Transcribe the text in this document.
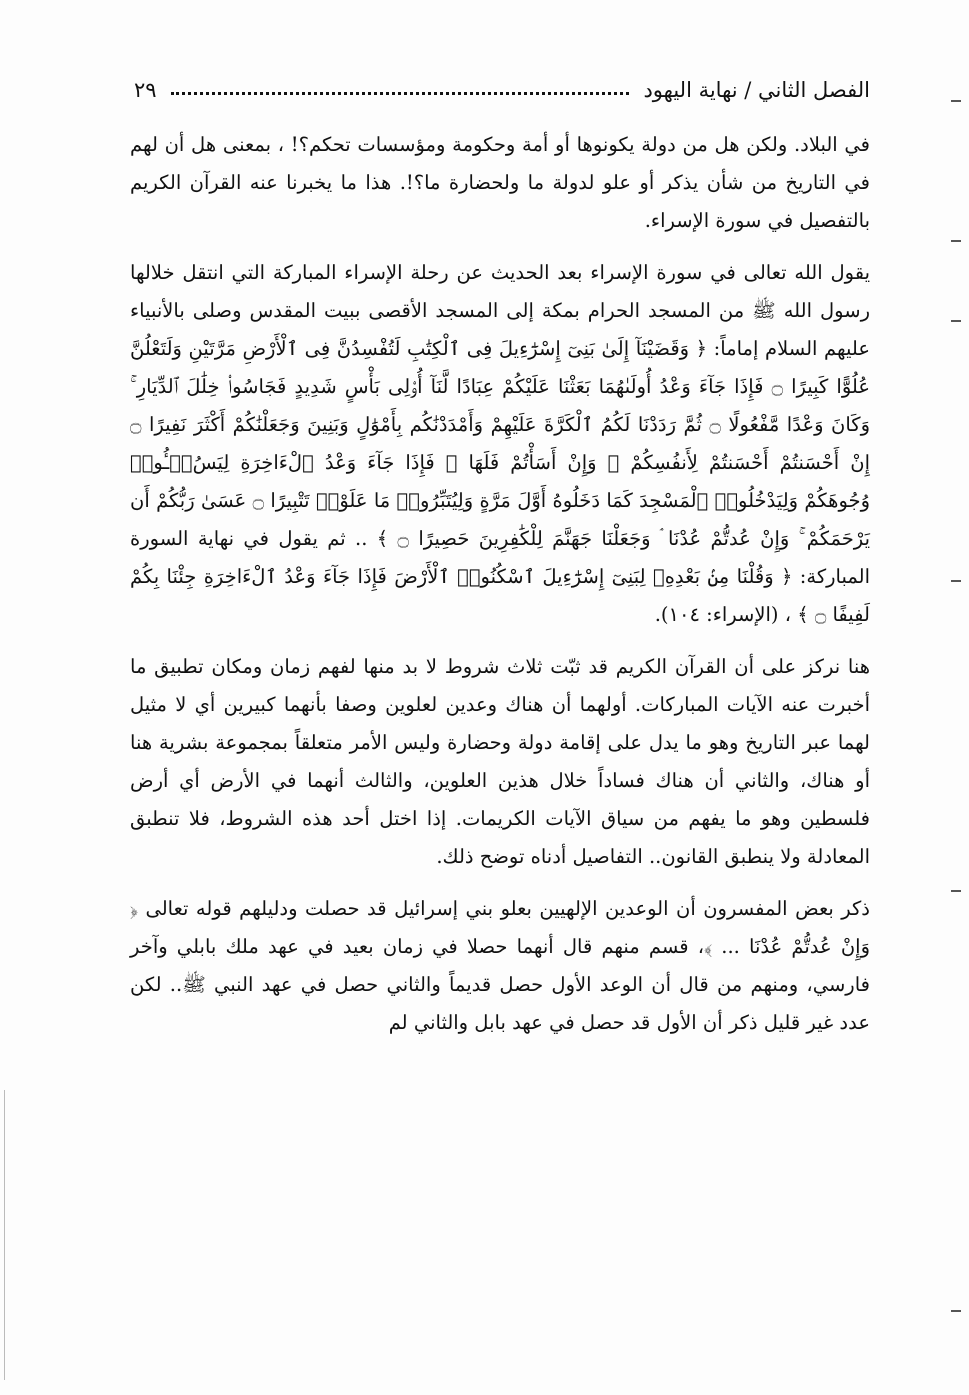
الفصل الثاني / نهاية اليهود
٢٩

في البلاد. ولكن هل من دولة يكونوها أو أمة وحكومة ومؤسسات تحكم؟! ، بمعنى هل أن لهم في التاريخ من شأن يذكر أو علو لدولة ما ولحضارة ما؟!. هذا ما يخبرنا عنه القرآن الكريم بالتفصيل في سورة الإسراء.

يقول الله تعالى في سورة الإسراء بعد الحديث عن رحلة الإسراء المباركة التي انتقل خلالها رسول الله ﷺ من المسجد الحرام بمكة إلى المسجد الأقصى ببيت المقدس وصلى بالأنبياء عليهم السلام إماماً: ﴿ وَقَضَيْنَآ إِلَىٰ بَنِىٓ إِسْرَٰٓءِيلَ فِى ٱلْكِتَٰبِ لَتُفْسِدُنَّ فِى ٱلْأَرْضِ مَرَّتَيْنِ وَلَتَعْلُنَّ عُلُوًّا كَبِيرًا ۝ فَإِذَا جَآءَ وَعْدُ أُولَىٰهُمَا بَعَثْنَا عَلَيْكُمْ عِبَادًا لَّنَآ أُو۟لِى بَأْسٍ شَدِيدٍ فَجَاسُوا۟ خِلَٰلَ ٱلدِّيَارِ ۚ وَكَانَ وَعْدًا مَّفْعُولًا ۝ ثُمَّ رَدَدْنَا لَكُمُ ٱلْكَرَّةَ عَلَيْهِمْ وَأَمْدَدْنَٰكُم بِأَمْوَٰلٍ وَبَنِينَ وَجَعَلْنَٰكُمْ أَكْثَرَ نَفِيرًا ۝ إِنْ أَحْسَنتُمْ أَحْسَنتُمْ لِأَنفُسِكُمْ ۖ وَإِنْ أَسَأْتُمْ فَلَهَا ۚ فَإِذَا جَآءَ وَعْدُ ٱلْءَاخِرَةِ لِيَسُۥٓـُٔوا۟ وُجُوهَكُمْ وَلِيَدْخُلُوا۟ ٱلْمَسْجِدَ كَمَا دَخَلُوهُ أَوَّلَ مَرَّةٍ وَلِيُتَبِّرُوا۟ مَا عَلَوْا۟ تَتْبِيرًا ۝ عَسَىٰ رَبُّكُمْ أَن يَرْحَمَكُمْ ۚ وَإِنْ عُدتُّمْ عُدْنَا ۘ وَجَعَلْنَا جَهَنَّمَ لِلْكَٰفِرِينَ حَصِيرًا ۝ ﴾ .. ثم يقول في نهاية السورة المباركة: ﴿ وَقُلْنَا مِنۢ بَعْدِهِۦ لِبَنِىٓ إِسْرَٰٓءِيلَ ٱسْكُنُوا۟ ٱلْأَرْضَ فَإِذَا جَآءَ وَعْدُ ٱلْءَاخِرَةِ جِئْنَا بِكُمْ لَفِيفًا ۝ ﴾ ، (الإسراء: ١٠٤).

هنا نركز على أن القرآن الكريم قد ثبّت ثلاث شروط لا بد منها لفهم زمان ومكان تطبيق ما أخبرت عنه الآيات المباركات. أولهما أن هناك وعدين لعلوين وصفا بأنهما كبيرين أي لا مثيل لهما عبر التاريخ وهو ما يدل على إقامة دولة وحضارة وليس الأمر متعلقاً بمجموعة بشرية هنا أو هناك، والثاني أن هناك فساداً خلال هذين العلوين، والثالث أنهما في الأرض أي أرض فلسطين وهو ما يفهم من سياق الآيات الكريمات. إذا اختل أحد هذه الشروط، فلا تنطبق المعادلة ولا ينطبق القانون.. التفاصيل أدناه توضح ذلك.

ذكر بعض المفسرون أن الوعدين الإلهيين بعلو بني إسرائيل قد حصلت ودليلهم قوله تعالى ﴿ وَإِنْ عُدتُّمْ عُدْنَا ... ﴾، قسم منهم قال أنهما حصلا في زمان بعيد في عهد ملك بابلي وآخر فارسي، ومنهم من قال أن الوعد الأول حصل قديماً والثاني حصل في عهد النبي ﷺ.. لكن عدد غير قليل ذكر أن الأول قد حصل في عهد بابل والثاني لم
